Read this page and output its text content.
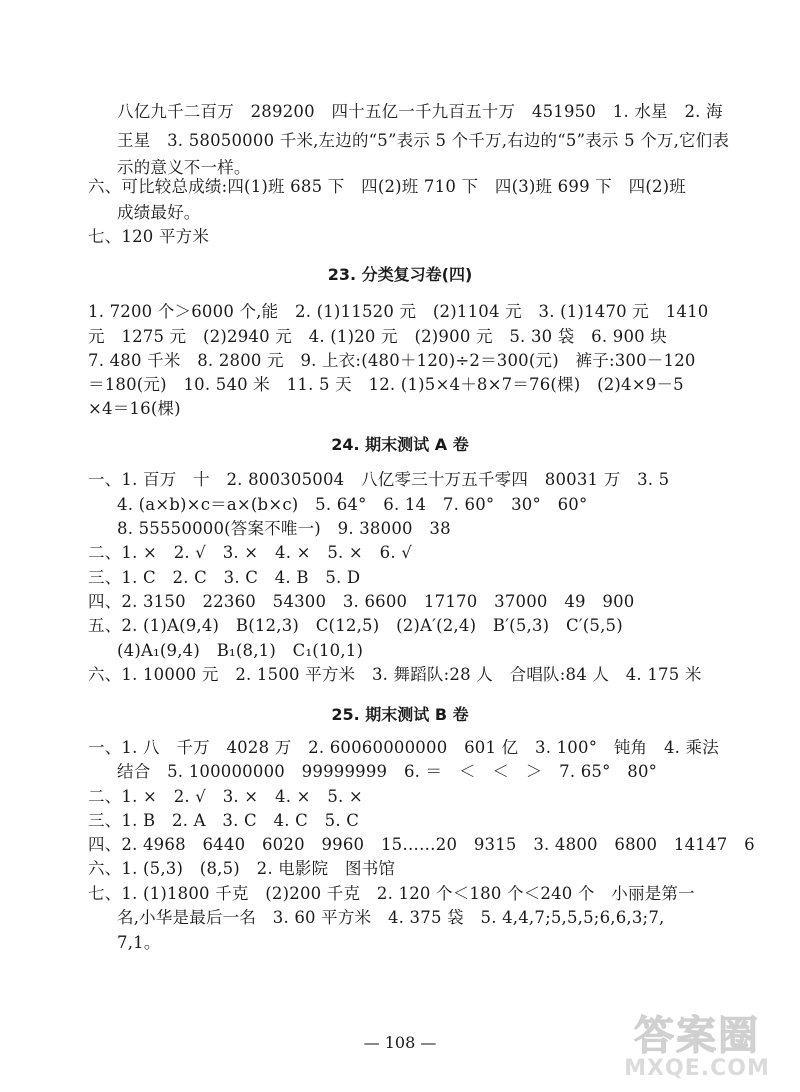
八亿九千二百万　289200　四十五亿一千九百五十万　451950　1. 水星　2. 海
王星　3. 58050000 千米,左边的“5”表示 5 个千万,右边的“5”表示 5 个万,它们表
示的意义不一样。
六、可比较总成绩:四(1)班 685 下　四(2)班 710 下　四(3)班 699 下　四(2)班
成绩最好。
七、120 平方米
23. 分类复习卷(四)
1. 7200 个＞6000 个,能　2. (1)11520 元　(2)1104 元　3. (1)1470 元　1410
元　1275 元　(2)2940 元　4. (1)20 元　(2)900 元　5. 30 袋　6. 900 块
7. 480 千米　8. 2800 元　9. 上衣:(480＋120)÷2＝300(元)　裤子:300－120
＝180(元)　10. 540 米　11. 5 天　12. (1)5×4＋8×7＝76(棵)　(2)4×9－5
×4＝16(棵)
24. 期末测试 A 卷
一、1. 百万　十　2. 800305004　八亿零三十万五千零四　80031 万　3. 5
4. (a×b)×c＝a×(b×c)　5. 64°　6. 14　7. 60°　30°　60°
8. 55550000(答案不唯一)　9. 38000　38
二、1. ×　2. √　3. ×　4. ×　5. ×　6. √
三、1. C　2. C　3. C　4. B　5. D
四、2. 3150　22360　54300　3. 6600　17170　37000　49　900
五、2. (1)A(9,4)　B(12,3)　C(12,5)　(2)A′(2,4)　B′(5,3)　C′(5,5)
(4)A₁(9,4)　B₁(8,1)　C₁(10,1)
六、1. 10000 元　2. 1500 平方米　3. 舞蹈队:28 人　合唱队:84 人　4. 175 米
25. 期末测试 B 卷
一、1. 八　千万　4028 万　2. 60060000000　601 亿　3. 100°　钝角　4. 乘法
结合　5. 100000000　99999999　6. ＝　＜　＜　＞　7. 65°　80°
二、1. ×　2. √　3. ×　4. ×　5. ×
三、1. B　2. A　3. C　4. C　5. C
四、2. 4968　6440　6020　9960　15……20　9315　3. 4800　6800　14147　6
六、1. (5,3)　(8,5)　2. 电影院　图书馆
七、1. (1)1800 千克　(2)200 千克　2. 120 个＜180 个＜240 个　小丽是第一
名,小华是最后一名　3. 60 平方米　4. 375 袋　5. 4,4,7;5,5,5;6,6,3;7,
7,1。
— 108 —	答案圈
MXQE.COM
